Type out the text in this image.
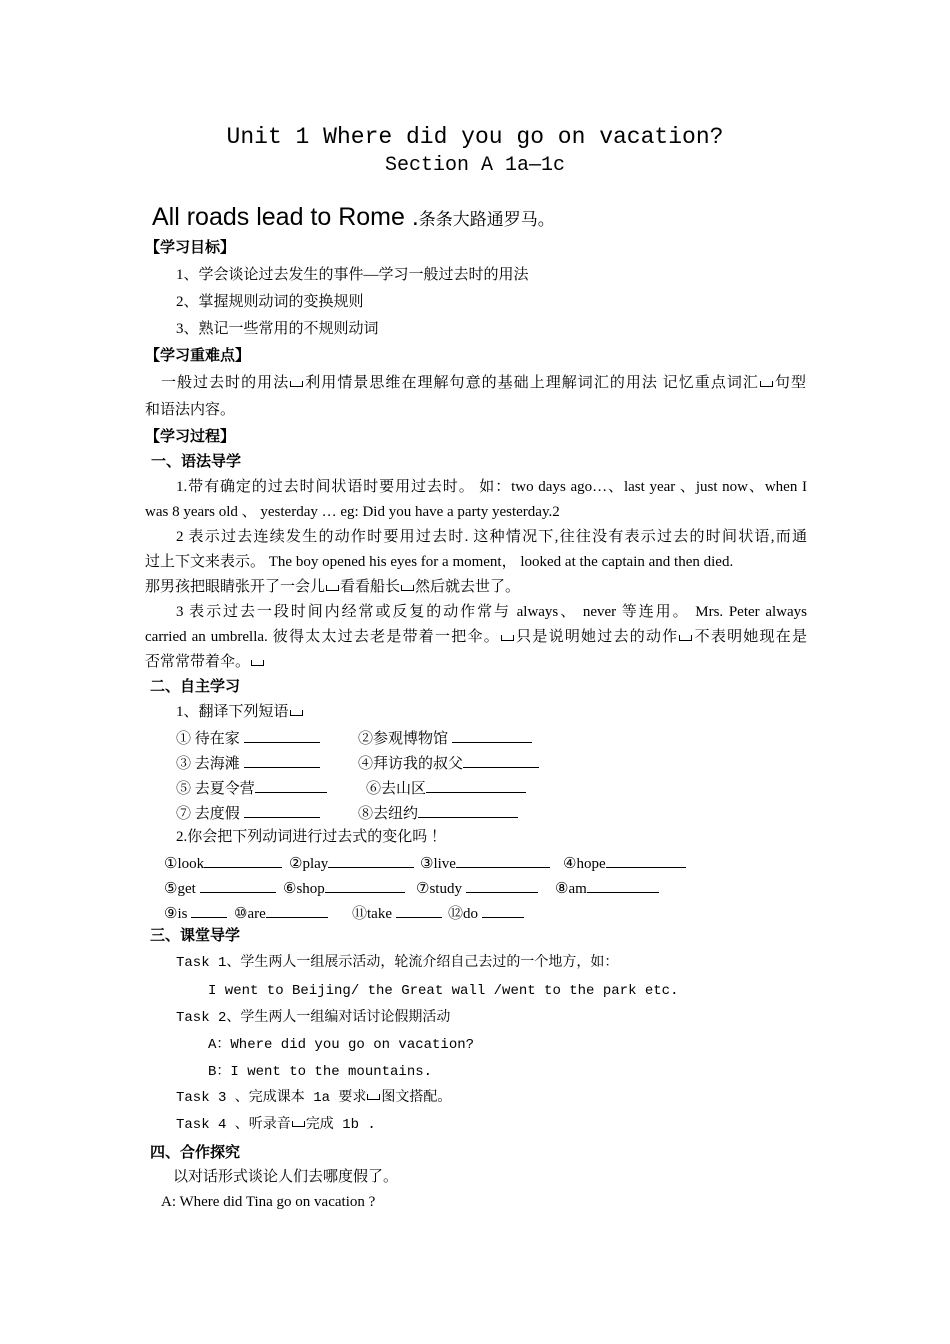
Unit 1 Where did you go on vacation?
Section A 1a—1c
All roads lead to Rome .条条大路通罗马。
【学习目标】
1、学会谈论过去发生的事件—学习一般过去时的用法
2、掌握规则动词的变换规则
3、熟记一些常用的不规则动词
【学习重难点】
一般过去时的用法 利用情景思维在理解句意的基础上理解词汇的用法 记忆重点词汇 句型
和语法内容。
【学习过程】
一、语法导学
1.带有确定的过去时间状语时要用过去时。 如：two days ago…、last year 、just now、when I
was 8 years old 、 yesterday … eg: Did you have a party yesterday.2
2 表示过去连续发生的动作时要用过去时. 这种情况下,往往没有表示过去的时间状语,而通
过上下文来表示。 The boy opened his eyes for a moment， looked at the captain and then died.
那男孩把眼睛张开了一会儿 看看船长 然后就去世了。
3 表示过去一段时间内经常或反复的动作常与 always、 never 等连用。 Mrs. Peter always
carried an umbrella. 彼得太太过去老是带着一把伞。 只是说明她过去的动作 不表明她现在是
否常常带着伞。
二、自主学习
1、翻译下列短语
① 待在家	②参观博物馆
③ 去海滩	④拜访我的叔父
⑤ 去夏令营	⑥去山区
⑦ 去度假	⑧去纽约
2.你会把下列动词进行过去式的变化吗 ！
①look	②play	③live	④hope
⑤get	⑥shop	⑦study	⑧am
⑨is	⑩are	⑪take	⑫do
三、课堂导学
Task 1、学生两人一组展示活动，轮流介绍自己去过的一个地方，如：
I went to Beijing/ the Great wall /went to the park etc.
Task 2、学生两人一组编对话讨论假期活动
A：Where did you go on vacation?
B：I went to the mountains.
Task 3 、完成课本 1a 要求 图文搭配。
Task 4 、听录音 完成 1b .
四、合作探究
以对话形式谈论人们去哪度假了。
A: Where did Tina go on vacation ?
